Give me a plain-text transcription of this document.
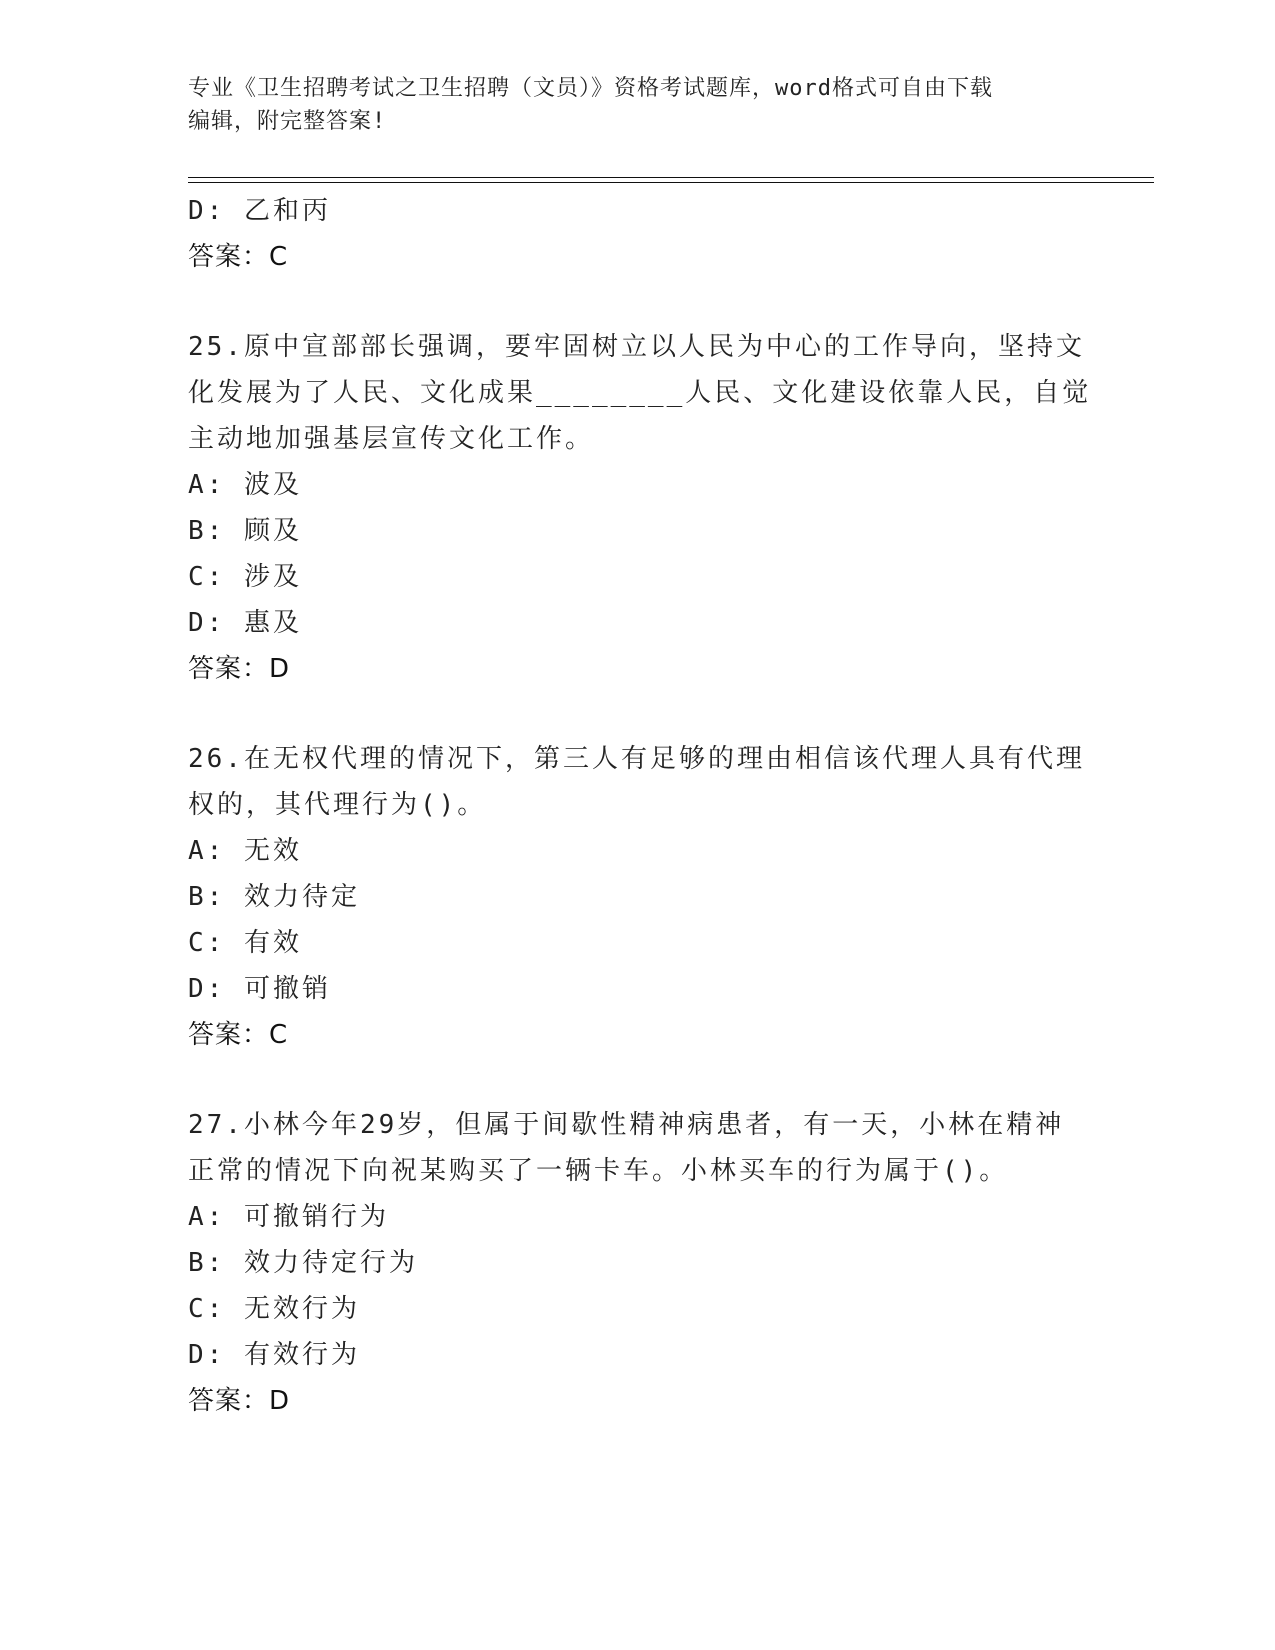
专业《卫生招聘考试之卫生招聘（文员）》资格考试题库，word格式可自由下载
编辑，附完整答案!
D: 乙和丙
答案：C
25.原中宣部部长强调，要牢固树立以人民为中心的工作导向，坚持文
化发展为了人民、文化成果________人民、文化建设依靠人民，自觉
主动地加强基层宣传文化工作。
A: 波及
B: 顾及
C: 涉及
D: 惠及
答案：D
26.在无权代理的情况下，第三人有足够的理由相信该代理人具有代理
权的，其代理行为()。
A: 无效
B: 效力待定
C: 有效
D: 可撤销
答案：C
27.小林今年29岁，但属于间歇性精神病患者，有一天，小林在精神
正常的情况下向祝某购买了一辆卡车。小林买车的行为属于()。
A: 可撤销行为
B: 效力待定行为
C: 无效行为
D: 有效行为
答案：D
